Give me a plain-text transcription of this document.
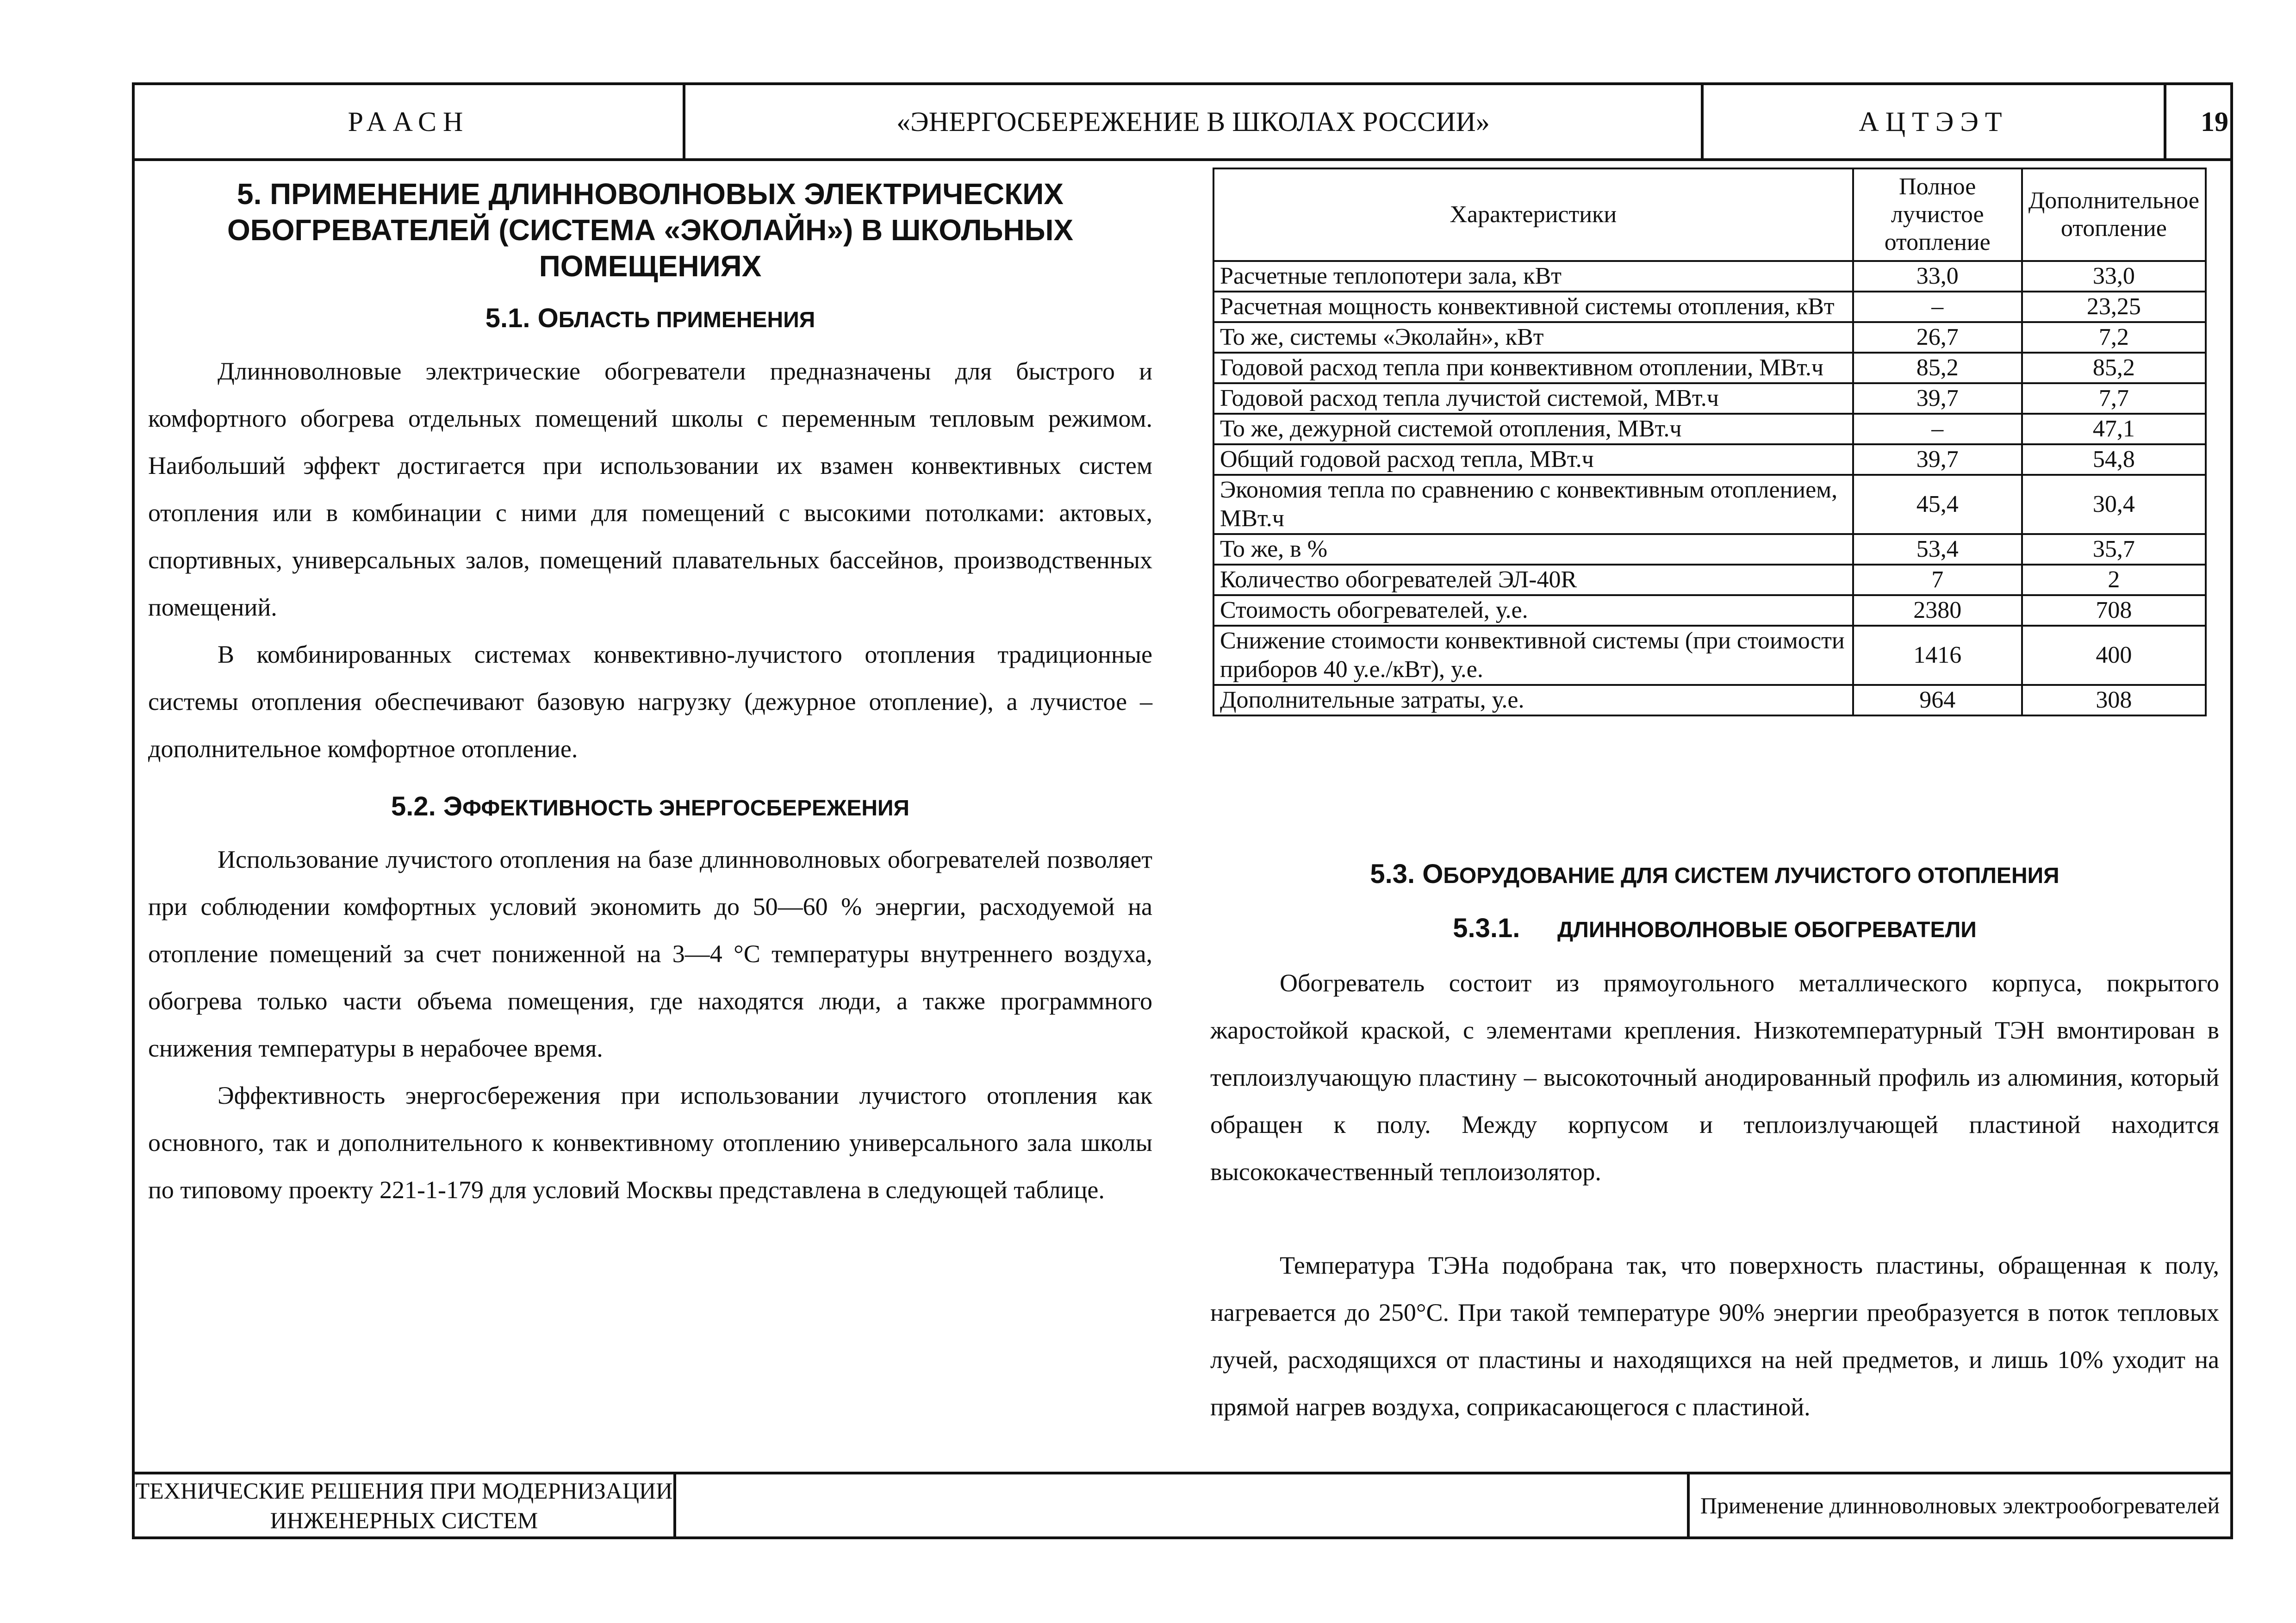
РААСН	«ЭНЕРГОСБЕРЕЖЕНИЕ В ШКОЛАХ РОССИИ»	АЦТЭЭТ	19
5. ПРИМЕНЕНИЕ ДЛИННОВОЛНОВЫХ ЭЛЕКТРИЧЕСКИХ ОБОГРЕВАТЕЛЕЙ (СИСТЕМА «ЭКОЛАЙН») В ШКОЛЬНЫХ ПОМЕЩЕНИЯХ
5.1. ОБЛАСТЬ ПРИМЕНЕНИЯ

Длинноволновые электрические обогреватели предназначены для быстрого и комфортного обогрева отдельных помещений школы с переменным тепловым режимом. Наибольший эффект достигается при использовании их взамен конвективных систем отопления или в комбинации с ними для помещений с высокими потолками: актовых, спортивных, универсальных залов, помещений плавательных бассейнов, производственных помещений.

В комбинированных системах конвективно-лучистого отопления традиционные системы отопления обеспечивают базовую нагрузку (дежурное отопление), а лучистое – дополнительное комфортное отопление.

5.2. ЭФФЕКТИВНОСТЬ ЭНЕРГОСБЕРЕЖЕНИЯ

Использование лучистого отопления на базе длинноволновых обогревателей позволяет при соблюдении комфортных условий экономить до 50—60 % энергии, расходуемой на отопление помещений за счет пониженной на 3—4 °С температуры внутреннего воздуха, обогрева только части объема помещения, где находятся люди, а также программного снижения температуры в нерабочее время.

Эффективность энергосбережения при использовании лучистого отопления как основного, так и дополнительного к конвективному отоплению универсального зала школы по типовому проекту 221-1-179 для условий Москвы представлена в следующей таблице.

Характеристики	Полное лучистое отопление	Дополнительное отопление
Расчетные теплопотери зала, кВт	33,0	33,0
Расчетная мощность конвективной системы отопления, кВт	–	23,25
То же, системы «Эколайн», кВт	26,7	7,2
Годовой расход тепла при конвективном отоплении, МВт.ч	85,2	85,2
Годовой расход тепла лучистой системой, МВт.ч	39,7	7,7
То же, дежурной системой отопления, МВт.ч	–	47,1
Общий годовой расход тепла, МВт.ч	39,7	54,8
Экономия тепла по сравнению с конвективным отоплением, МВт.ч	45,4	30,4
То же, в %	53,4	35,7
Количество обогревателей ЭЛ-40R	7	2
Стоимость обогревателей, у.е.	2380	708
Снижение стоимости конвективной системы (при стоимости приборов 40 у.е./кВт), у.е.	1416	400
Дополнительные затраты, у.е.	964	308
5.3. ОБОРУДОВАНИЕ ДЛЯ СИСТЕМ ЛУЧИСТОГО ОТОПЛЕНИЯ
5.3.1. ДЛИННОВОЛНОВЫЕ ОБОГРЕВАТЕЛИ

Обогреватель состоит из прямоугольного металлического корпуса, покрытого жаростойкой краской, с элементами крепления. Низкотемпературный ТЭН вмонтирован в теплоизлучающую пластину – высокоточный анодированный профиль из алюминия, который обращен к полу. Между корпусом и теплоизлучающей пластиной находится высококачественный теплоизолятор.

Температура ТЭНа подобрана так, что поверхность пластины, обращенная к полу, нагревается до 250°С. При такой температуре 90% энергии преобразуется в поток тепловых лучей, расходящихся от пластины и находящихся на ней предметов, и лишь 10% уходит на прямой нагрев воздуха, соприкасающегося с пластиной.

ТЕХНИЧЕСКИЕ РЕШЕНИЯ ПРИ МОДЕРНИЗАЦИИ ИНЖЕНЕРНЫХ СИСТЕМ
Применение длинноволновых электрообогревателей
